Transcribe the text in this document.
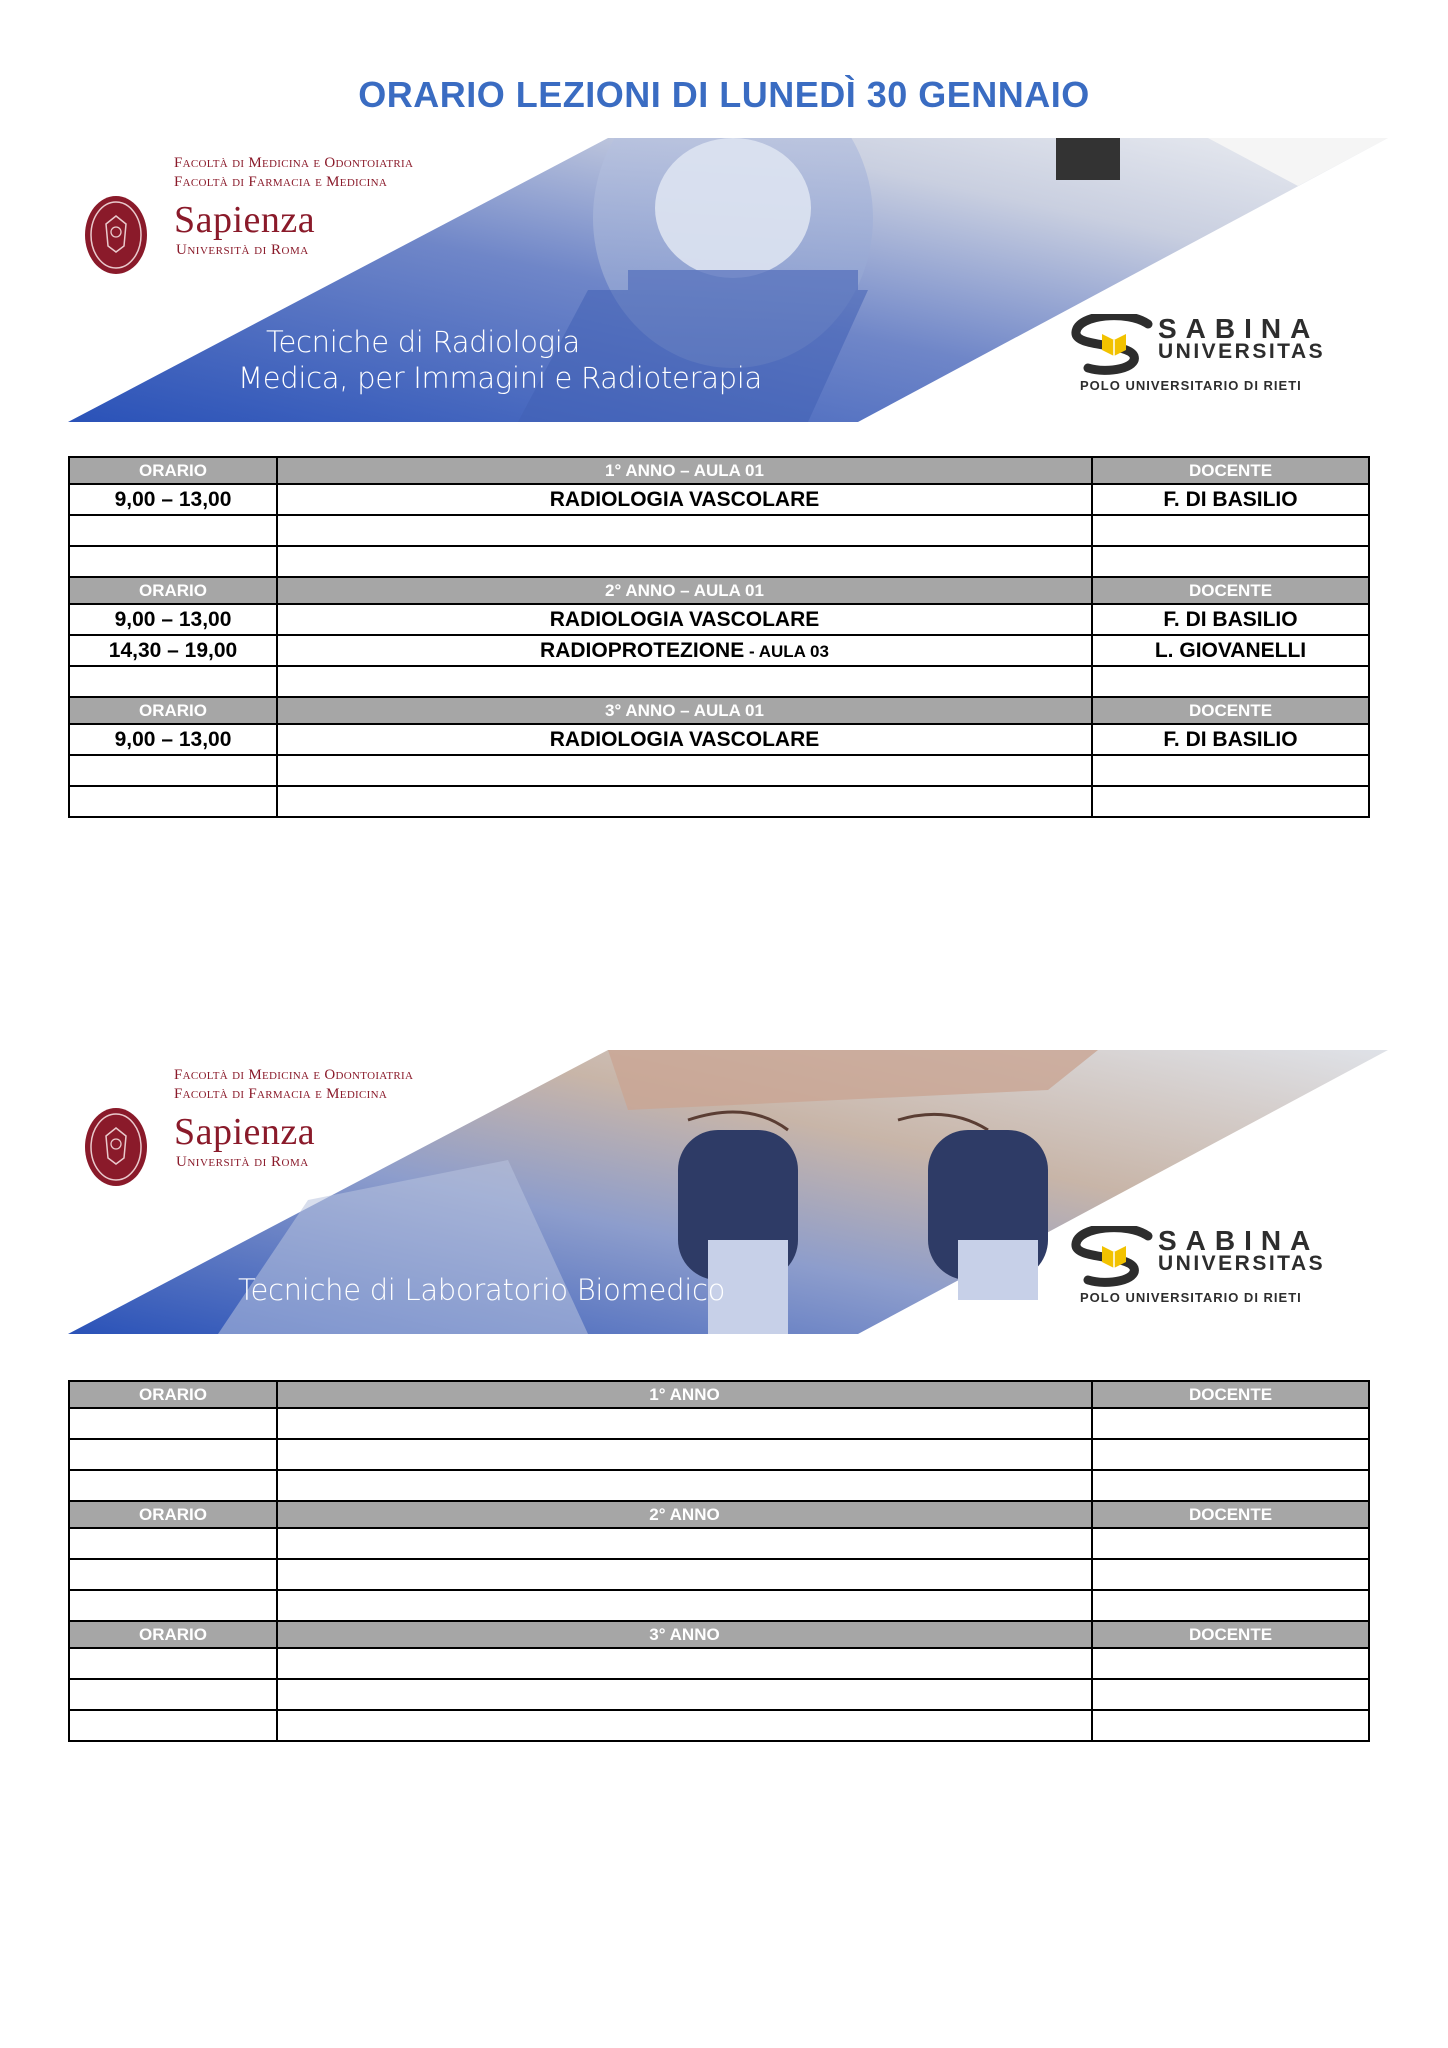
ORARIO LEZIONI DI LUNEDÌ 30 GENNAIO
Facoltà di Medicina e Odontoiatria
Facoltà di Farmacia e Medicina
Sapienza
Università di Roma
Tecniche di Radiologia
Medica, per Immagini e Radioterapia
SABINA
UNIVERSITAS
POLO UNIVERSITARIO DI RIETI
ORARIO	1° ANNO – AULA 01	DOCENTE
9,00 – 13,00	RADIOLOGIA VASCOLARE	F. DI BASILIO

ORARIO	2° ANNO – AULA 01	DOCENTE
9,00 – 13,00	RADIOLOGIA VASCOLARE	F. DI BASILIO
14,30 – 19,00	RADIOPROTEZIONE - AULA 03	L. GIOVANELLI

ORARIO	3° ANNO – AULA 01	DOCENTE
9,00 – 13,00	RADIOLOGIA VASCOLARE	F. DI BASILIO

Facoltà di Medicina e Odontoiatria
Facoltà di Farmacia e Medicina
Sapienza
Università di Roma
Tecniche di Laboratorio Biomedico
SABINA
UNIVERSITAS
POLO UNIVERSITARIO DI RIETI
ORARIO	1° ANNO	DOCENTE

ORARIO	2° ANNO	DOCENTE

ORARIO	3° ANNO	DOCENTE
